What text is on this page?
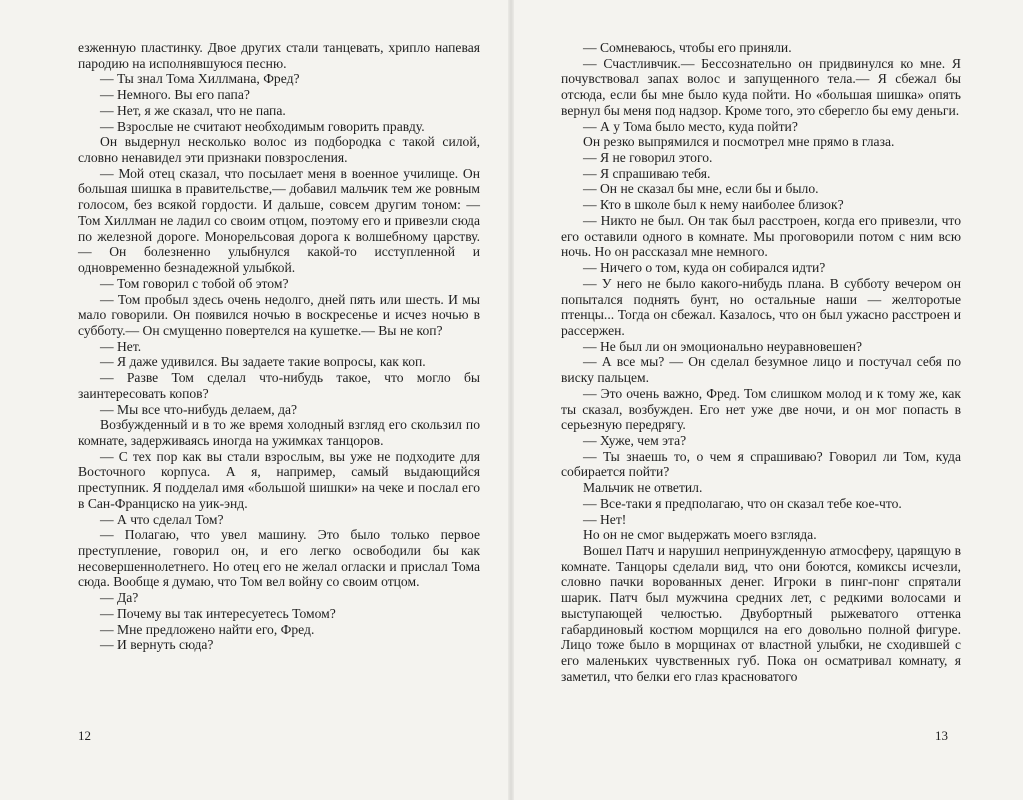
езженную пластинку. Двое других стали танцевать, хрипло напевая пародию на исполнявшуюся песню.

— Ты знал Тома Хиллмана, Фред?

— Немного. Вы его папа?

— Нет, я же сказал, что не папа.

— Взрослые не считают необходимым говорить правду.

Он выдернул несколько волос из подбородка с такой силой, словно ненавидел эти признаки повзросления.

— Мой отец сказал, что посылает меня в военное училище. Он большая шишка в правительстве,— добавил мальчик тем же ровным голосом, без всякой гордости. И дальше, совсем другим тоном: — Том Хиллман не ладил со своим отцом, поэтому его и привезли сюда по железной дороге. Монорельсовая дорога к волшебному царству.— Он болезненно улыбнулся какой-то исступленной и одновременно безнадежной улыбкой.

— Том говорил с тобой об этом?

— Том пробыл здесь очень недолго, дней пять или шесть. И мы мало говорили. Он появился ночью в воскресенье и исчез ночью в субботу.— Он смущенно повертелся на кушетке.— Вы не коп?

— Нет.

— Я даже удивился. Вы задаете такие вопросы, как коп.

— Разве Том сделал что-нибудь такое, что могло бы заинтересовать копов?

— Мы все что-нибудь делаем, да?

Возбужденный и в то же время холодный взгляд его скользил по комнате, задерживаясь иногда на ужимках танцоров.

— С тех пор как вы стали взрослым, вы уже не подходите для Восточного корпуса. А я, например, самый выдающийся преступник. Я подделал имя «большой шишки» на чеке и послал его в Сан-Франциско на уик-энд.

— А что сделал Том?

— Полагаю, что увел машину. Это было только первое преступление, говорил он, и его легко освободили бы как несовершеннолетнего. Но отец его не желал огласки и прислал Тома сюда. Вообще я думаю, что Том вел войну со своим отцом.

— Да?

— Почему вы так интересуетесь Томом?

— Мне предложено найти его, Фред.

— И вернуть сюда?

— Сомневаюсь, чтобы его приняли.

— Счастливчик.— Бессознательно он придвинулся ко мне. Я почувствовал запах волос и запущенного тела.— Я сбежал бы отсюда, если бы мне было куда пойти. Но «большая шишка» опять вернул бы меня под надзор. Кроме того, это сберегло бы ему деньги.

— А у Тома было место, куда пойти?

Он резко выпрямился и посмотрел мне прямо в глаза.

— Я не говорил этого.

— Я спрашиваю тебя.

— Он не сказал бы мне, если бы и было.

— Кто в школе был к нему наиболее близок?

— Никто не был. Он так был расстроен, когда его привезли, что его оставили одного в комнате. Мы проговорили потом с ним всю ночь. Но он рассказал мне немного.

— Ничего о том, куда он собирался идти?

— У него не было какого-нибудь плана. В субботу вечером он попытался поднять бунт, но остальные наши — желторотые птенцы... Тогда он сбежал. Казалось, что он был ужасно расстроен и рассержен.

— Не был ли он эмоционально неуравновешен?

— А все мы? — Он сделал безумное лицо и постучал себя по виску пальцем.

— Это очень важно, Фред. Том слишком молод и к тому же, как ты сказал, возбужден. Его нет уже две ночи, и он мог попасть в серьезную передрягу.

— Хуже, чем эта?

— Ты знаешь то, о чем я спрашиваю? Говорил ли Том, куда собирается пойти?

Мальчик не ответил.

— Все-таки я предполагаю, что он сказал тебе кое-что.

— Нет!

Но он не смог выдержать моего взгляда.

Вошел Патч и нарушил непринужденную атмосферу, царящую в комнате. Танцоры сделали вид, что они боются, комиксы исчезли, словно пачки ворованных денег. Игроки в пинг-понг спрятали шарик. Патч был мужчина средних лет, с редкими волосами и выступающей челюстью. Двубортный рыжеватого оттенка габардиновый костюм морщился на его довольно полной фигуре. Лицо тоже было в морщинах от властной улыбки, не сходившей с его маленьких чувственных губ. Пока он осматривал комнату, я заметил, что белки его глаз красноватого

12	13
